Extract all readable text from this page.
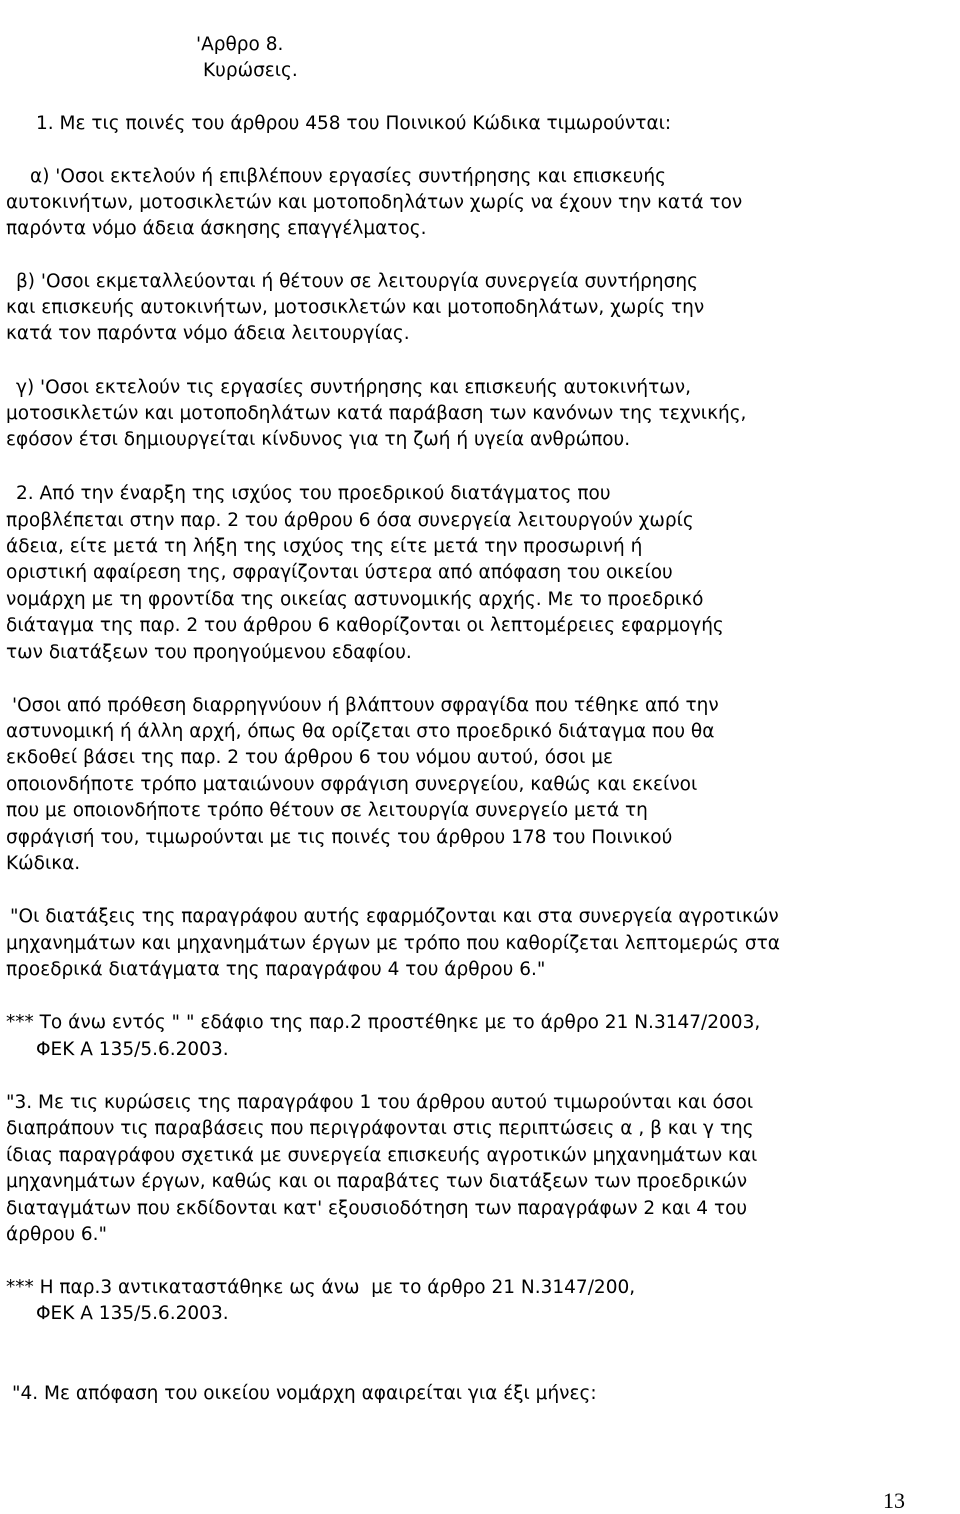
'Αρθρο 8.
Κυρώσεις.
1. Με τις ποινές του άρθρου 458 του Ποινικού Κώδικα τιμωρούνται:
α) 'Οσοι εκτελούν ή επιβλέπουν εργασίες συντήρησης και επισκευής
αυτοκινήτων, μοτοσικλετών και μοτοποδηλάτων χωρίς να έχουν την κατά τον
παρόντα νόμο άδεια άσκησης επαγγέλματος.
β) 'Οσοι εκμεταλλεύονται ή θέτουν σε λειτουργία συνεργεία συντήρησης
και επισκευής αυτοκινήτων, μοτοσικλετών και μοτοποδηλάτων, χωρίς την
κατά τον παρόντα νόμο άδεια λειτουργίας.
γ) 'Οσοι εκτελούν τις εργασίες συντήρησης και επισκευής αυτοκινήτων,
μοτοσικλετών και μοτοποδηλάτων κατά παράβαση των κανόνων της τεχνικής,
εφόσον έτσι δημιουργείται κίνδυνος για τη ζωή ή υγεία ανθρώπου.
2. Από την έναρξη της ισχύος του προεδρικού διατάγματος που
προβλέπεται στην παρ. 2 του άρθρου 6 όσα συνεργεία λειτουργούν χωρίς
άδεια, είτε μετά τη λήξη της ισχύος της είτε μετά την προσωρινή ή
οριστική αφαίρεση της, σφραγίζονται ύστερα από απόφαση του οικείου
νομάρχη με τη φροντίδα της οικείας αστυνομικής αρχής. Με το προεδρικό
διάταγμα της παρ. 2 του άρθρου 6 καθορίζονται οι λεπτομέρειες εφαρμογής
των διατάξεων του προηγούμενου εδαφίου.
'Οσοι από πρόθεση διαρρηγνύουν ή βλάπτουν σφραγίδα που τέθηκε από την
αστυνομική ή άλλη αρχή, όπως θα ορίζεται στο προεδρικό διάταγμα που θα
εκδοθεί βάσει της παρ. 2 του άρθρου 6 του νόμου αυτού, όσοι με
οποιονδήποτε τρόπο ματαιώνουν σφράγιση συνεργείου, καθώς και εκείνοι
που με οποιονδήποτε τρόπο θέτουν σε λειτουργία συνεργείο μετά τη
σφράγισή του, τιμωρούνται με τις ποινές του άρθρου 178 του Ποινικού
Κώδικα.
"Οι διατάξεις της παραγράφου αυτής εφαρμόζονται και στα συνεργεία αγροτικών
μηχανημάτων και μηχανημάτων έργων με τρόπο που καθορίζεται λεπτομερώς στα
προεδρικά διατάγματα της παραγράφου 4 του άρθρου 6."
*** Το άνω εντός " " εδάφιο της παρ.2 προστέθηκε με το άρθρο 21 Ν.3147/2003,
ΦΕΚ Α 135/5.6.2003.
"3. Με τις κυρώσεις της παραγράφου 1 του άρθρου αυτού τιμωρούνται και όσοι
διαπράπουν τις παραβάσεις που περιγράφονται στις περιπτώσεις α , β και γ της
ίδιας παραγράφου σχετικά με συνεργεία επισκευής αγροτικών μηχανημάτων και
μηχανημάτων έργων, καθώς και οι παραβάτες των διατάξεων των προεδρικών
διαταγμάτων που εκδίδονται κατ' εξουσιοδότηση των παραγράφων 2 και 4 του
άρθρου 6."
*** Η παρ.3 αντικαταστάθηκε ως άνω  με το άρθρο 21 Ν.3147/200,
ΦΕΚ Α 135/5.6.2003.
"4. Με απόφαση του οικείου νομάρχη αφαιρείται για έξι μήνες:
13
